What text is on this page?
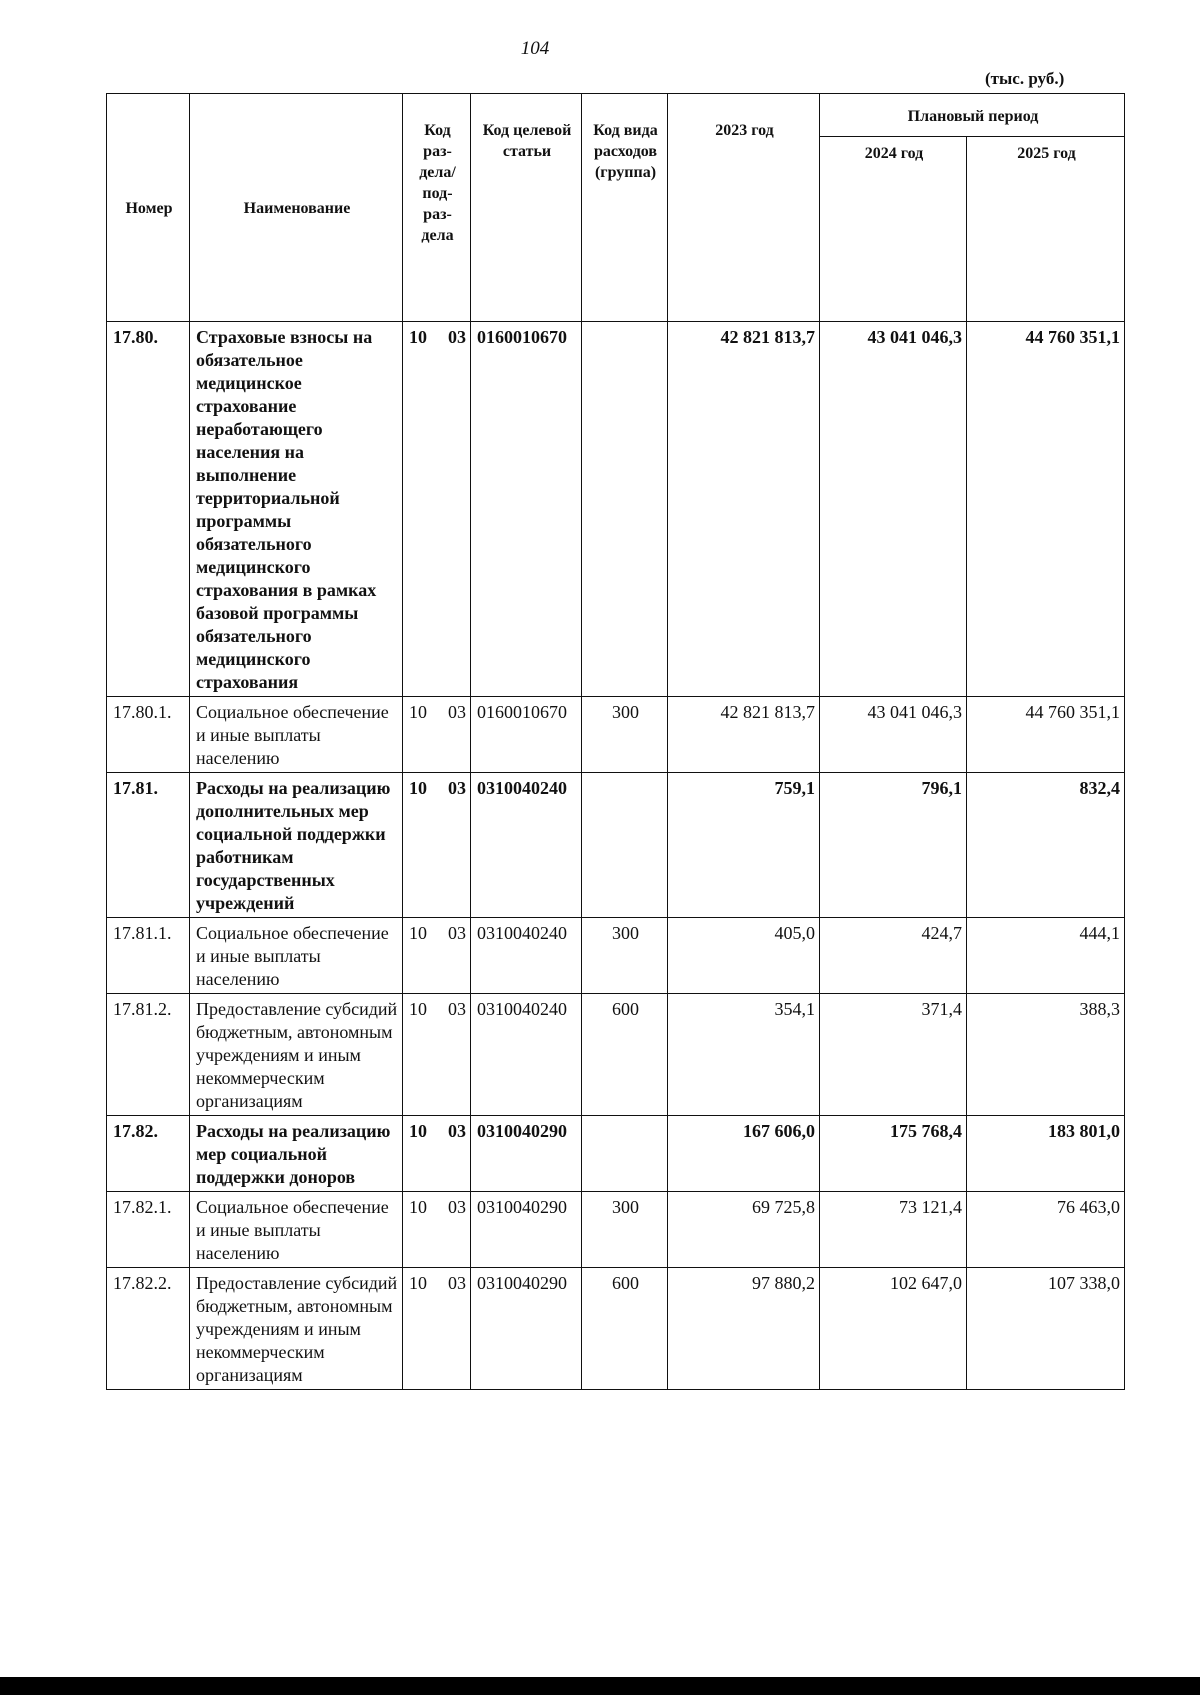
104
(тыс. руб.)
Номер	Наименование	Код раз-дела/ под-раз-дела	Код целевой статьи	Код вида расходов (группа)	2023 год	Плановый период	
						2024 год	2025 год
17.80.	Страховые взносы на обязательное медицинское страхование неработающего населения на выполнение территориальной программы обязательного медицинского страхования в рамках базовой программы обязательного медицинского страхования	10 03	0160010670		42 821 813,7	43 041 046,3	44 760 351,1
17.80.1.	Социальное обеспечение и иные выплаты населению	10 03	0160010670	300	42 821 813,7	43 041 046,3	44 760 351,1
17.81.	Расходы на реализацию дополнительных мер социальной поддержки работникам государственных учреждений	10 03	0310040240		759,1	796,1	832,4
17.81.1.	Социальное обеспечение и иные выплаты населению	10 03	0310040240	300	405,0	424,7	444,1
17.81.2.	Предоставление субсидий бюджетным, автономным учреждениям и иным некоммерческим организациям	10 03	0310040240	600	354,1	371,4	388,3
17.82.	Расходы на реализацию мер социальной поддержки доноров	10 03	0310040290		167 606,0	175 768,4	183 801,0
17.82.1.	Социальное обеспечение и иные выплаты населению	10 03	0310040290	300	69 725,8	73 121,4	76 463,0
17.82.2.	Предоставление субсидий бюджетным, автономным учреждениям и иным некоммерческим организациям	10 03	0310040290	600	97 880,2	102 647,0	107 338,0
